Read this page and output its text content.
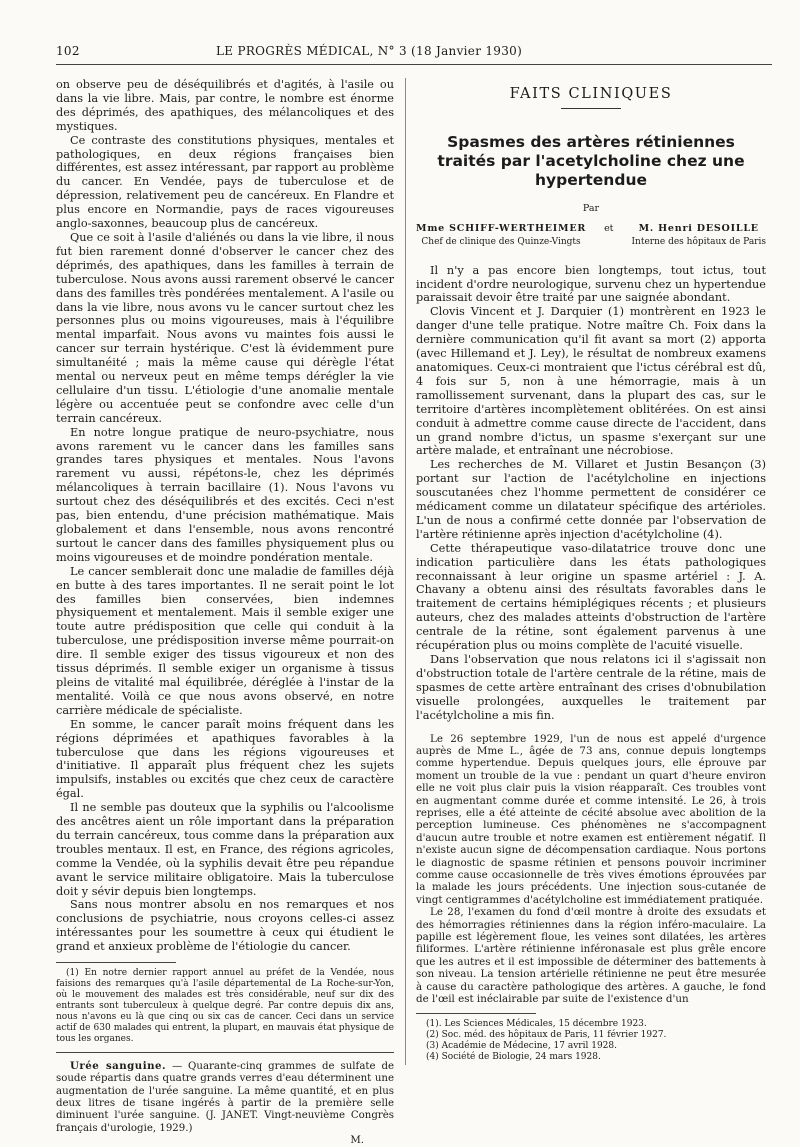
102	LE PROGRÈS MÉDICAL, N° 3 (18 Janvier 1930)

on observe peu de déséquilibrés et d'agités, à l'asile ou dans la vie libre. Mais, par contre, le nombre est énorme des déprimés, des apathiques, des mélancoliques et des mystiques.

Ce contraste des constitutions physiques, mentales et pathologiques, en deux régions françaises bien différentes, est assez intéressant, par rapport au problème du cancer. En Vendée, pays de tuberculose et de dépression, relativement peu de cancéreux. En Flandre et plus encore en Normandie, pays de races vigoureuses anglo-saxonnes, beaucoup plus de cancéreux.

Que ce soit à l'asile d'aliénés ou dans la vie libre, il nous fut bien rarement donné d'observer le cancer chez des déprimés, des apathiques, dans les familles à terrain de tuberculose. Nous avons aussi rarement observé le cancer dans des familles très pondérées mentalement. A l'asile ou dans la vie libre, nous avons vu le cancer surtout chez les personnes plus ou moins vigoureuses, mais à l'équilibre mental imparfait. Nous avons vu maintes fois aussi le cancer sur terrain hystérique. C'est là évidemment pure simultanéité ; mais la même cause qui dérègle l'état mental ou nerveux peut en même temps dérégler la vie cellulaire d'un tissu. L'étiologie d'une anomalie mentale légère ou accentuée peut se confondre avec celle d'un terrain cancéreux.

En notre longue pratique de neuro-psychiatre, nous avons rarement vu le cancer dans les familles sans grandes tares physiques et mentales. Nous l'avons rarement vu aussi, répétons-le, chez les déprimés mélancoliques à terrain bacillaire (1). Nous l'avons vu surtout chez des déséquilibrés et des excités. Ceci n'est pas, bien entendu, d'une précision mathématique. Mais globalement et dans l'ensemble, nous avons rencontré surtout le cancer dans des familles physiquement plus ou moins vigoureuses et de moindre pondération mentale.

Le cancer semblerait donc une maladie de familles déjà en butte à des tares importantes. Il ne serait point le lot des familles bien conservées, bien indemnes physiquement et mentalement. Mais il semble exiger une toute autre prédisposition que celle qui conduit à la tuberculose, une prédisposition inverse même pourrait-on dire. Il semble exiger des tissus vigoureux et non des tissus déprimés. Il semble exiger un organisme à tissus pleins de vitalité mal équilibrée, déréglée à l'instar de la mentalité. Voilà ce que nous avons observé, en notre carrière médicale de spécialiste.

En somme, le cancer paraît moins fréquent dans les régions déprimées et apathiques favorables à la tuberculose que dans les régions vigoureuses et d'initiative. Il apparaît plus fréquent chez les sujets impulsifs, instables ou excités que chez ceux de caractère égal.

Il ne semble pas douteux que la syphilis ou l'alcoolisme des ancêtres aient un rôle important dans la préparation du terrain cancéreux, tous comme dans la préparation aux troubles mentaux. Il est, en France, des régions agricoles, comme la Vendée, où la syphilis devait être peu répandue avant le service militaire obligatoire. Mais la tuberculose doit y sévir depuis bien longtemps.

Sans nous montrer absolu en nos remarques et nos conclusions de psychiatrie, nous croyons celles-ci assez intéressantes pour les soumettre à ceux qui étudient le grand et anxieux problème de l'étiologie du cancer.

(1) En notre dernier rapport annuel au préfet de la Vendée, nous faisions des remarques qu'à l'asile départemental de La Roche-sur-Yon, où le mouvement des malades est très considérable, neuf sur dix des entrants sont tuberculeux à quelque degré. Par contre depuis dix ans, nous n'avons eu là que cinq ou six cas de cancer. Ceci dans un service actif de 630 malades qui entrent, la plupart, en mauvais état physique de tous les organes.

Urée sanguine. — Quarante-cinq grammes de sulfate de soude répartis dans quatre grands verres d'eau déterminent une augmentation de l'urée sanguine. La même quantité, et en plus deux litres de tisane ingérés à partir de la première selle diminuent l'urée sanguine. (J. JANET. Vingt-neuvième Congrès français d'urologie, 1929.)

M.
FAITS CLINIQUES
Spasmes des artères rétiniennes traités par l'acetylcholine chez une hypertendue
Par
Mme SCHIFF-WERTHEIMER
Chef de clinique des Quinze-Vingts
et	M. Henri DESOILLE
Interne des hôpitaux de Paris

Il n'y a pas encore bien longtemps, tout ictus, tout incident d'ordre neurologique, survenu chez un hypertendue paraissait devoir être traité par une saignée abondant.

Clovis Vincent et J. Darquier (1) montrèrent en 1923 le danger d'une telle pratique. Notre maître Ch. Foix dans la dernière communication qu'il fit avant sa mort (2) apporta (avec Hillemand et J. Ley), le résultat de nombreux examens anatomiques. Ceux-ci montraient que l'ictus cérébral est dû, 4 fois sur 5, non à une hémorragie, mais à un ramollissement survenant, dans la plupart des cas, sur le territoire d'artères incomplètement oblitérées. On est ainsi conduit à admettre comme cause directe de l'accident, dans un grand nombre d'ictus, un spasme s'exerçant sur une artère malade, et entraînant une nécrobiose.

Les recherches de M. Villaret et Justin Besançon (3) portant sur l'action de l'acétylcholine en injections souscutanées chez l'homme permettent de considérer ce médicament comme un dilatateur spécifique des artérioles. L'un de nous a confirmé cette donnée par l'observation de l'artère rétinienne après injection d'acétylcholine (4).

Cette thérapeutique vaso-dilatatrice trouve donc une indication particulière dans les états pathologiques reconnaissant à leur origine un spasme artériel : J. A. Chavany a obtenu ainsi des résultats favorables dans le traitement de certains hémiplégiques récents ; et plusieurs auteurs, chez des malades atteints d'obstruction de l'artère centrale de la rétine, sont également parvenus à une récupération plus ou moins complète de l'acuité visuelle.

Dans l'observation que nous relatons ici il s'agissait non d'obstruction totale de l'artère centrale de la rétine, mais de spasmes de cette artère entraînant des crises d'obnubilation visuelle prolongées, auxquelles le traitement par l'acétylcholine a mis fin.

Le 26 septembre 1929, l'un de nous est appelé d'urgence auprès de Mme L., âgée de 73 ans, connue depuis longtemps comme hypertendue. Depuis quelques jours, elle éprouve par moment un trouble de la vue : pendant un quart d'heure environ elle ne voit plus clair puis la vision réapparaît. Ces troubles vont en augmentant comme durée et comme intensité. Le 26, à trois reprises, elle a été atteinte de cécité absolue avec abolition de la perception lumineuse. Ces phénomènes ne s'accompagnent d'aucun autre trouble et notre examen est entièrement négatif. Il n'existe aucun signe de décompensation cardiaque. Nous portons le diagnostic de spasme rétinien et pensons pouvoir incriminer comme cause occasionnelle de très vives émotions éprouvées par la malade les jours précédents. Une injection sous-cutanée de vingt centigrammes d'acétylcholine est immédiatement pratiquée.

Le 28, l'examen du fond d'œil montre à droite des exsudats et des hémorragies rétiniennes dans la région inféro-maculaire. La papille est légèrement floue, les veines sont dilatées, les artères filiformes. L'artère rétinienne inféronasale est plus grêle encore que les autres et il est impossible de déterminer des battements à son niveau. La tension artérielle rétinienne ne peut être mesurée à cause du caractère pathologique des artères. A gauche, le fond de l'œil est inéclairable par suite de l'existence d'un

(1). Les Sciences Médicales, 15 décembre 1923.

(2) Soc. méd. des hôpitaux de Paris, 11 février 1927.

(3) Académie de Médecine, 17 avril 1928.

(4) Société de Biologie, 24 mars 1928.
